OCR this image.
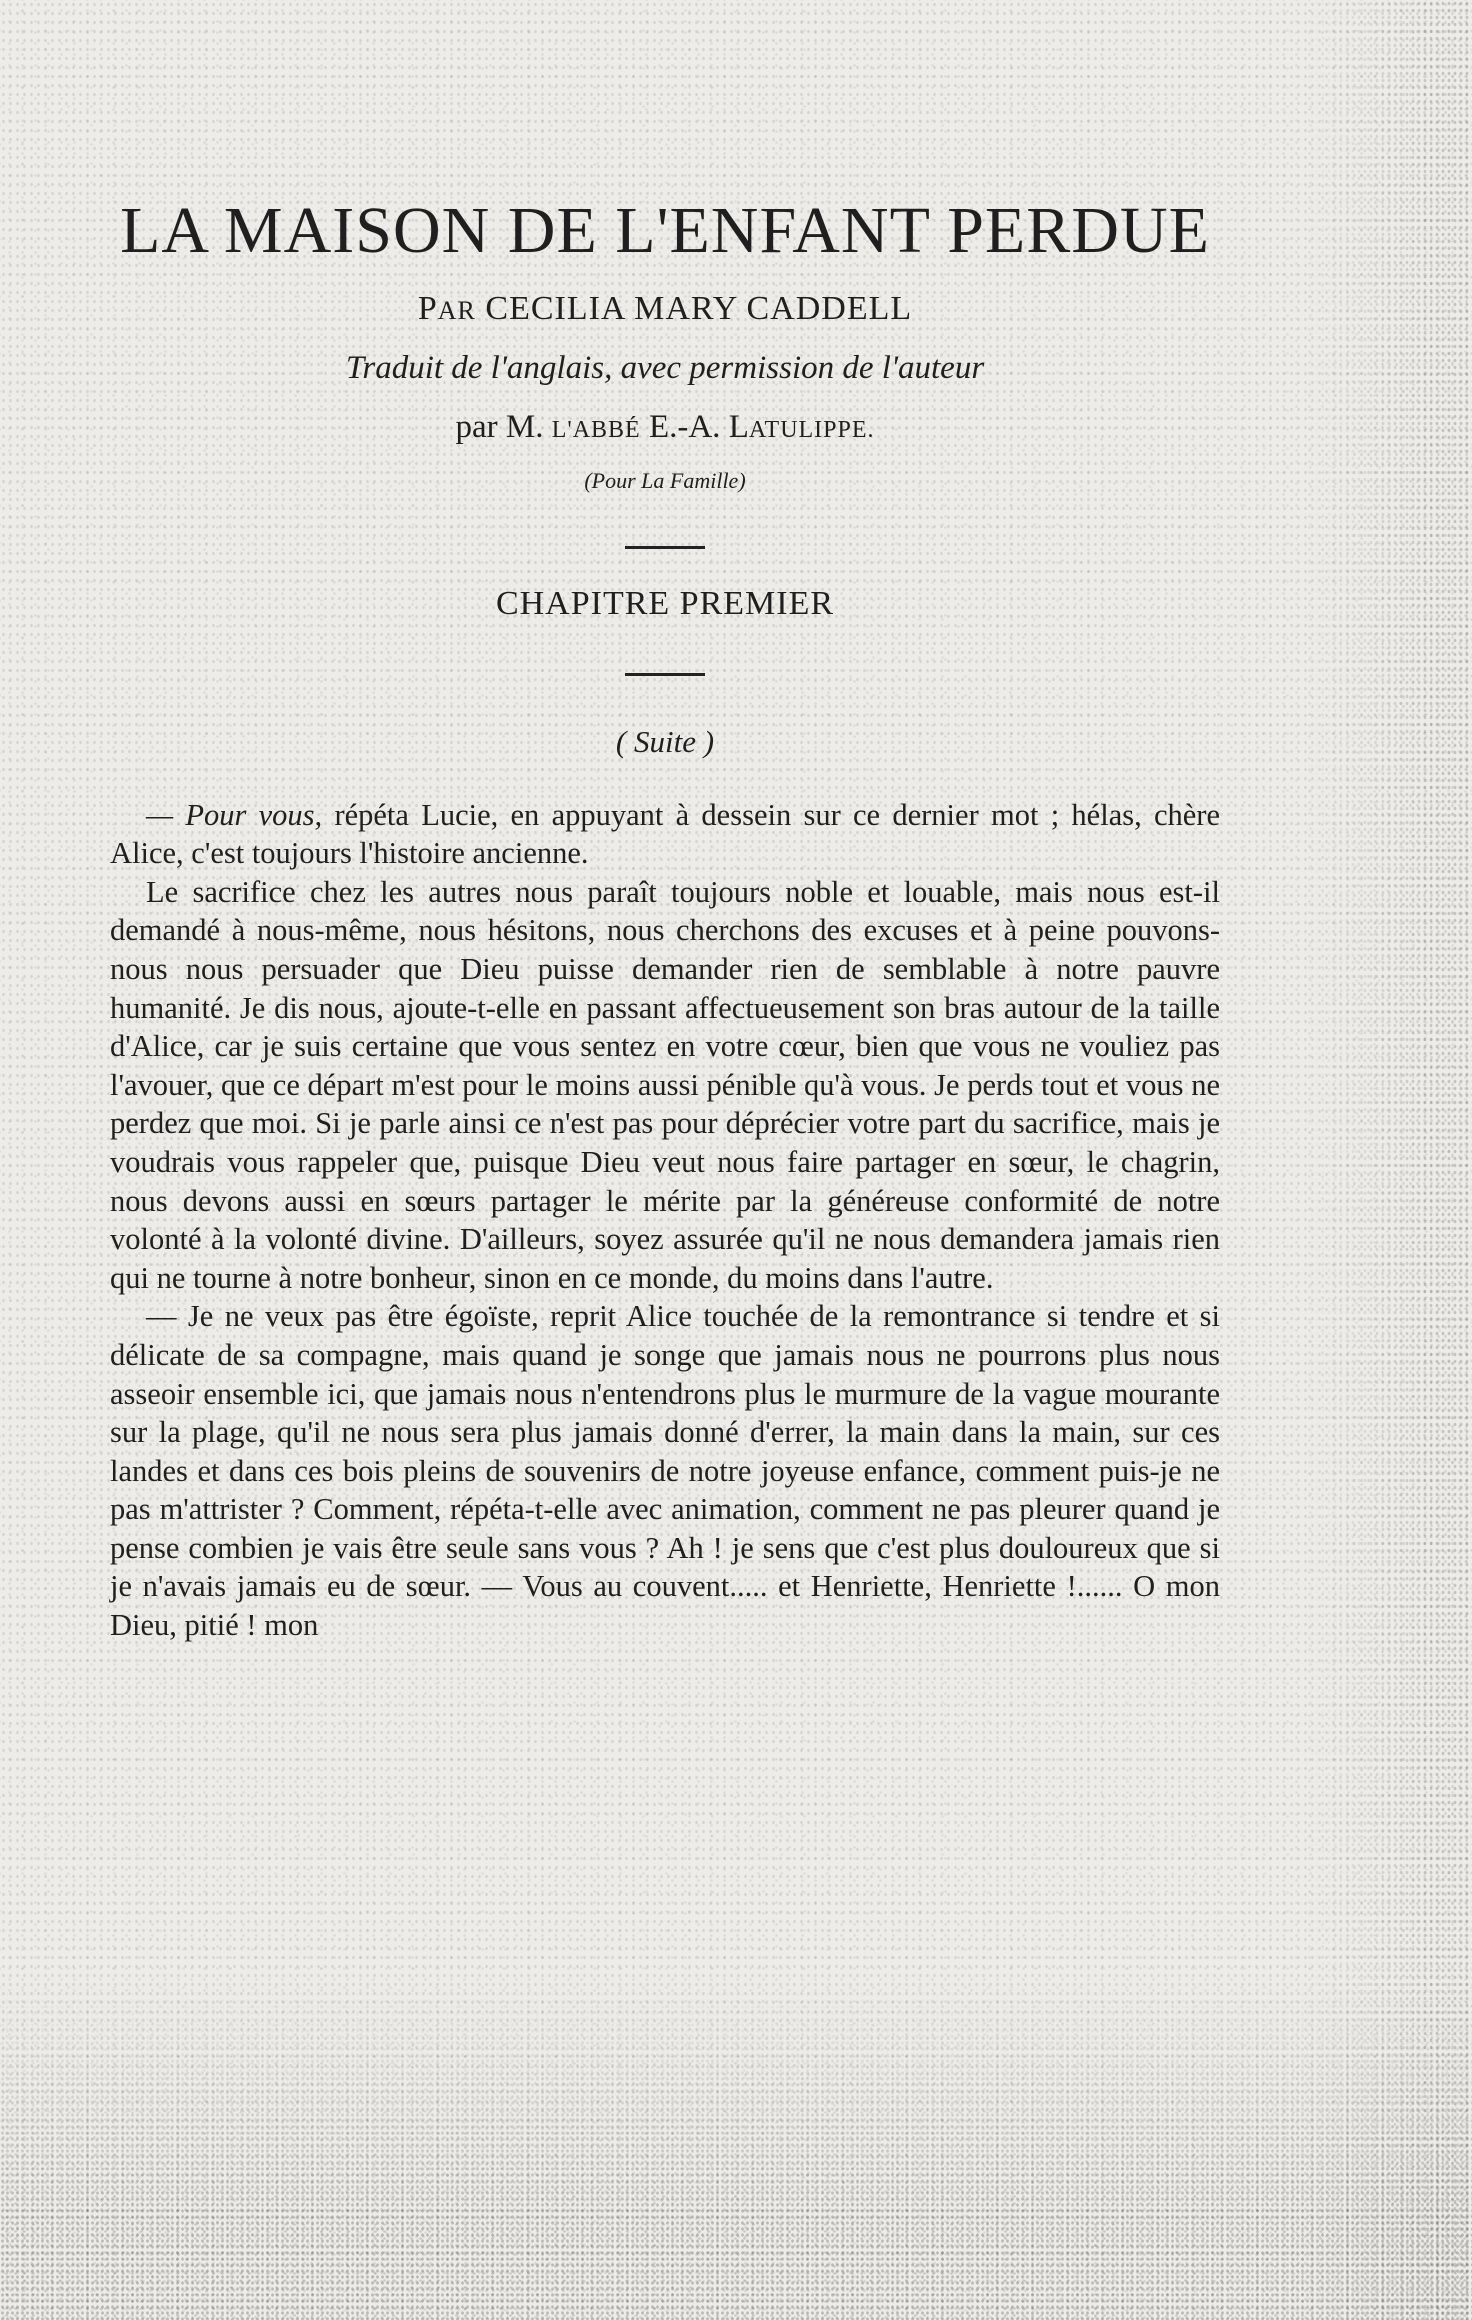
LA MAISON DE L'ENFANT PERDUE
PAR CECILIA MARY CADDELL
Traduit de l'anglais, avec permission de l'auteur
par M. L'ABBÉ E.-A. LATULIPPE.
(Pour La Famille)
CHAPITRE PREMIER
( Suite )

— Pour vous, répéta Lucie, en appuyant à dessein sur ce dernier mot ; hélas, chère Alice, c'est toujours l'histoire ancienne.

Le sacrifice chez les autres nous paraît toujours noble et louable, mais nous est-il demandé à nous-même, nous hésitons, nous cherchons des excuses et à peine pouvons-nous nous persuader que Dieu puisse demander rien de semblable à notre pauvre humanité. Je dis nous, ajoute-t-elle en passant affectueusement son bras autour de la taille d'Alice, car je suis certaine que vous sentez en votre cœur, bien que vous ne vouliez pas l'avouer, que ce départ m'est pour le moins aussi pénible qu'à vous. Je perds tout et vous ne perdez que moi. Si je parle ainsi ce n'est pas pour déprécier votre part du sacrifice, mais je voudrais vous rappeler que, puisque Dieu veut nous faire partager en sœur, le chagrin, nous devons aussi en sœurs partager le mérite par la généreuse conformité de notre volonté à la volonté divine. D'ailleurs, soyez assurée qu'il ne nous demandera jamais rien qui ne tourne à notre bonheur, sinon en ce monde, du moins dans l'autre.

— Je ne veux pas être égoïste, reprit Alice touchée de la remontrance si tendre et si délicate de sa compagne, mais quand je songe que jamais nous ne pourrons plus nous asseoir ensemble ici, que jamais nous n'entendrons plus le murmure de la vague mourante sur la plage, qu'il ne nous sera plus jamais donné d'errer, la main dans la main, sur ces landes et dans ces bois pleins de souvenirs de notre joyeuse enfance, comment puis-je ne pas m'attrister ? Comment, répéta-t-elle avec animation, comment ne pas pleurer quand je pense combien je vais être seule sans vous ? Ah ! je sens que c'est plus douloureux que si je n'avais jamais eu de sœur. — Vous au couvent..... et Henriette, Henriette !...... O mon Dieu, pitié ! mon
